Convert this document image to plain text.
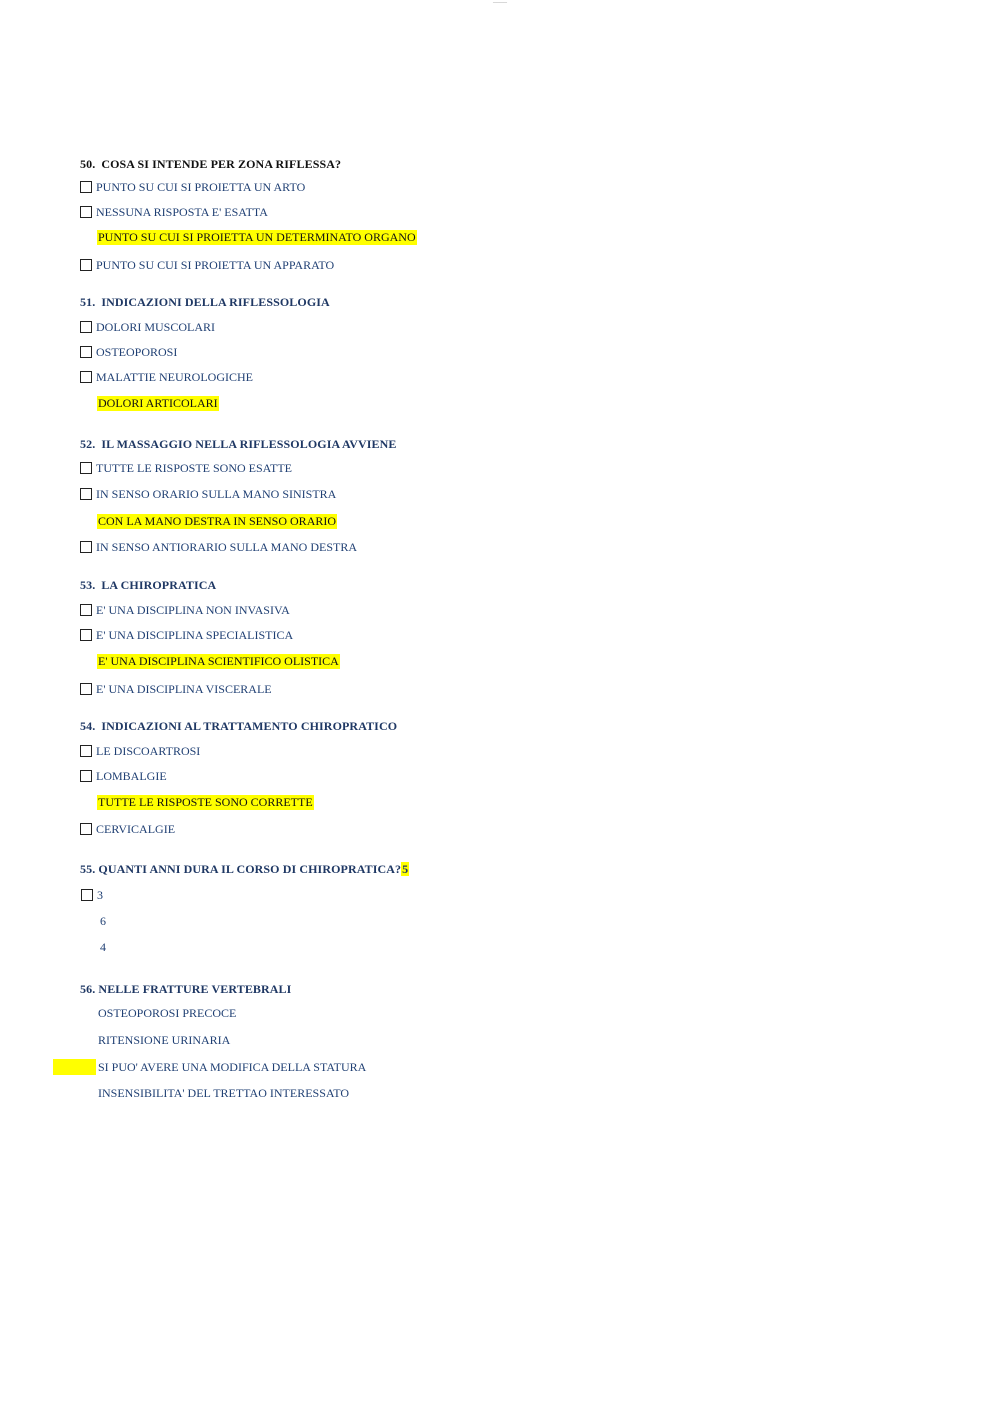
____
50. COSA SI INTENDE PER ZONA RIFLESSA?
PUNTO SU CUI SI PROIETTA UN ARTO
NESSUNA RISPOSTA E' ESATTA
PUNTO SU CUI SI PROIETTA UN DETERMINATO ORGANO
PUNTO SU CUI SI PROIETTA UN APPARATO
51. INDICAZIONI DELLA RIFLESSOLOGIA
DOLORI MUSCOLARI
OSTEOPOROSI
MALATTIE NEUROLOGICHE
DOLORI ARTICOLARI
52. IL MASSAGGIO NELLA RIFLESSOLOGIA AVVIENE
TUTTE LE RISPOSTE SONO ESATTE
IN SENSO ORARIO SULLA MANO SINISTRA
CON LA MANO DESTRA IN SENSO ORARIO
IN SENSO ANTIORARIO SULLA MANO DESTRA
53. LA CHIROPRATICA
E' UNA DISCIPLINA NON INVASIVA
E' UNA DISCIPLINA SPECIALISTICA
E' UNA DISCIPLINA SCIENTIFICO OLISTICA
E' UNA DISCIPLINA VISCERALE
54. INDICAZIONI AL TRATTAMENTO CHIROPRATICO
LE DISCOARTROSI
LOMBALGIE
TUTTE LE RISPOSTE SONO CORRETTE
CERVICALGIE
55. QUANTI ANNI DURA IL CORSO DI CHIROPRATICA?5
3
6
4
56. NELLE FRATTURE VERTEBRALI
OSTEOPOROSI PRECOCE
RITENSIONE URINARIA
SI PUO' AVERE UNA MODIFICA DELLA STATURA
INSENSIBILITA' DEL TRETTAO INTERESSATO
